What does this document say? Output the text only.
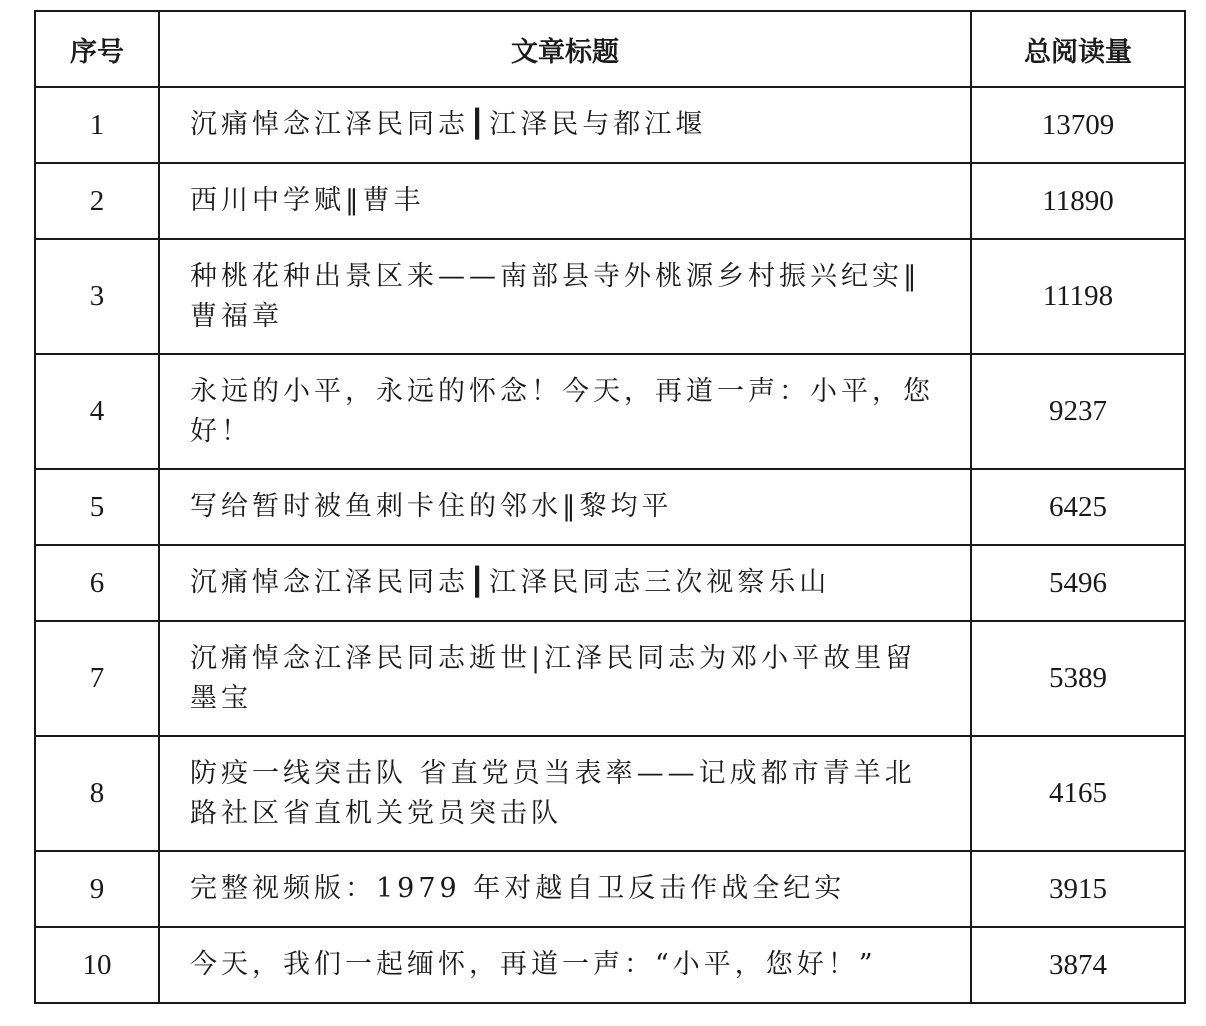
序号	文章标题	总阅读量
1	沉痛悼念江泽民同志┃江泽民与都江堰	13709
2	西川中学赋‖曹丰	11890
3	种桃花种出景区来——南部县寺外桃源乡村振兴纪实‖曹福章	11198
4	永远的小平，永远的怀念！今天，再道一声：小平，您好！	9237
5	写给暂时被鱼刺卡住的邻水‖黎均平	6425
6	沉痛悼念江泽民同志┃江泽民同志三次视察乐山	5496
7	沉痛悼念江泽民同志逝世|江泽民同志为邓小平故里留墨宝	5389
8	防疫一线突击队 省直党员当表率——记成都市青羊北路社区省直机关党员突击队	4165
9	完整视频版：1979 年对越自卫反击作战全纪实	3915
10	今天，我们一起缅怀，再道一声：“小平，您好！”	3874
